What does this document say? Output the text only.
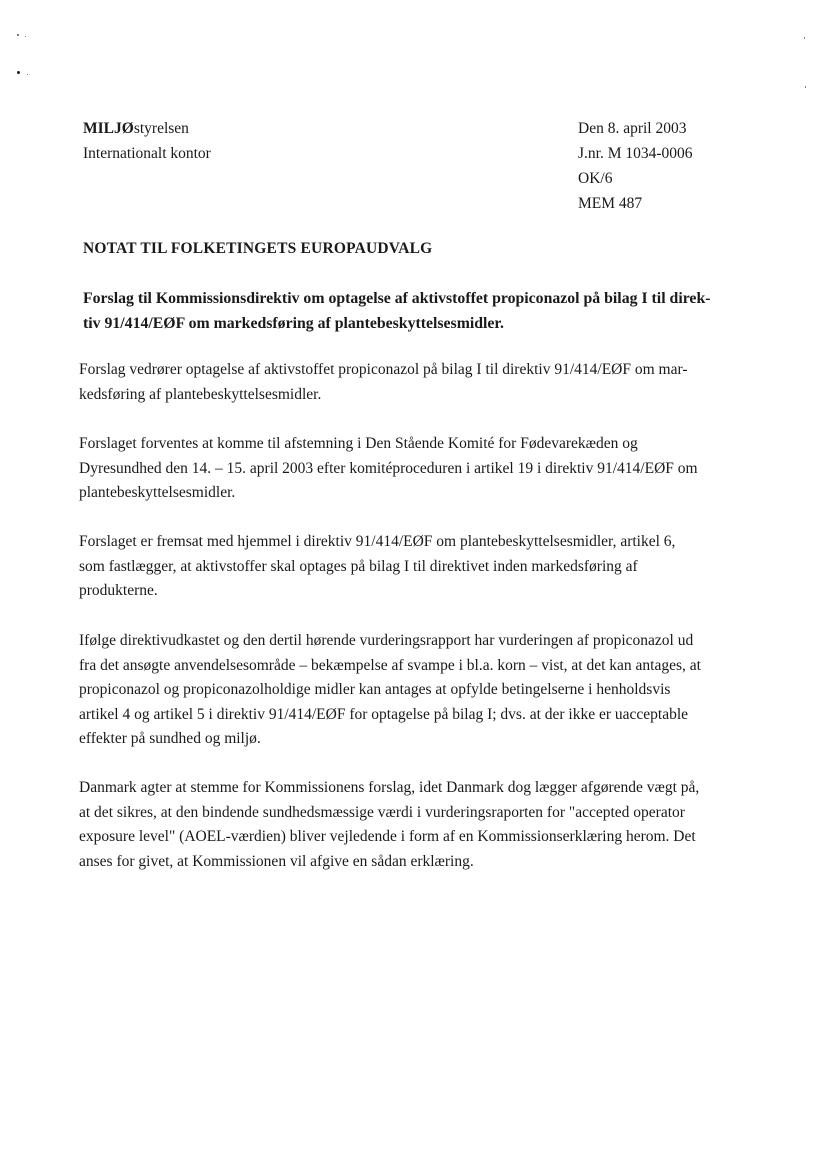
MILJØstyrelsen
Internationalt kontor
Den 8. april 2003
J.nr. M 1034-0006
OK/6
MEM 487
NOTAT TIL FOLKETINGETS EUROPAUDVALG
Forslag til Kommissionsdirektiv om optagelse af aktivstoffet propiconazol på bilag I til direk-
tiv 91/414/EØF om markedsføring af plantebeskyttelsesmidler.
Forslag vedrører optagelse af aktivstoffet propiconazol på bilag I til direktiv 91/414/EØF om mar-
kedsføring af plantebeskyttelsesmidler.
Forslaget forventes at komme til afstemning i Den Stående Komité for Fødevarekæden og
Dyresundhed den 14. – 15. april 2003 efter komitéproceduren i artikel 19 i direktiv 91/414/EØF om
plantebeskyttelsesmidler.
Forslaget er fremsat med hjemmel i direktiv 91/414/EØF om plantebeskyttelsesmidler, artikel 6,
som fastlægger, at aktivstoffer skal optages på bilag I til direktivet inden markedsføring af
produkterne.
Ifølge direktivudkastet og den dertil hørende vurderingsrapport har vurderingen af propiconazol ud
fra det ansøgte anvendelsesområde – bekæmpelse af svampe i bl.a. korn – vist, at det kan antages, at
propiconazol og propiconazolholdige midler kan antages at opfylde betingelserne i henholdsvis
artikel 4 og artikel 5 i direktiv 91/414/EØF for optagelse på bilag I; dvs. at der ikke er uacceptable
effekter på sundhed og miljø.
Danmark agter at stemme for Kommissionens forslag, idet Danmark dog lægger afgørende vægt på,
at det sikres, at den bindende sundhedsmæssige værdi i vurderingsraporten for "accepted operator
exposure level" (AOEL-værdien) bliver vejledende i form af en Kommissionserklæring herom. Det
anses for givet, at Kommissionen vil afgive en sådan erklæring.
